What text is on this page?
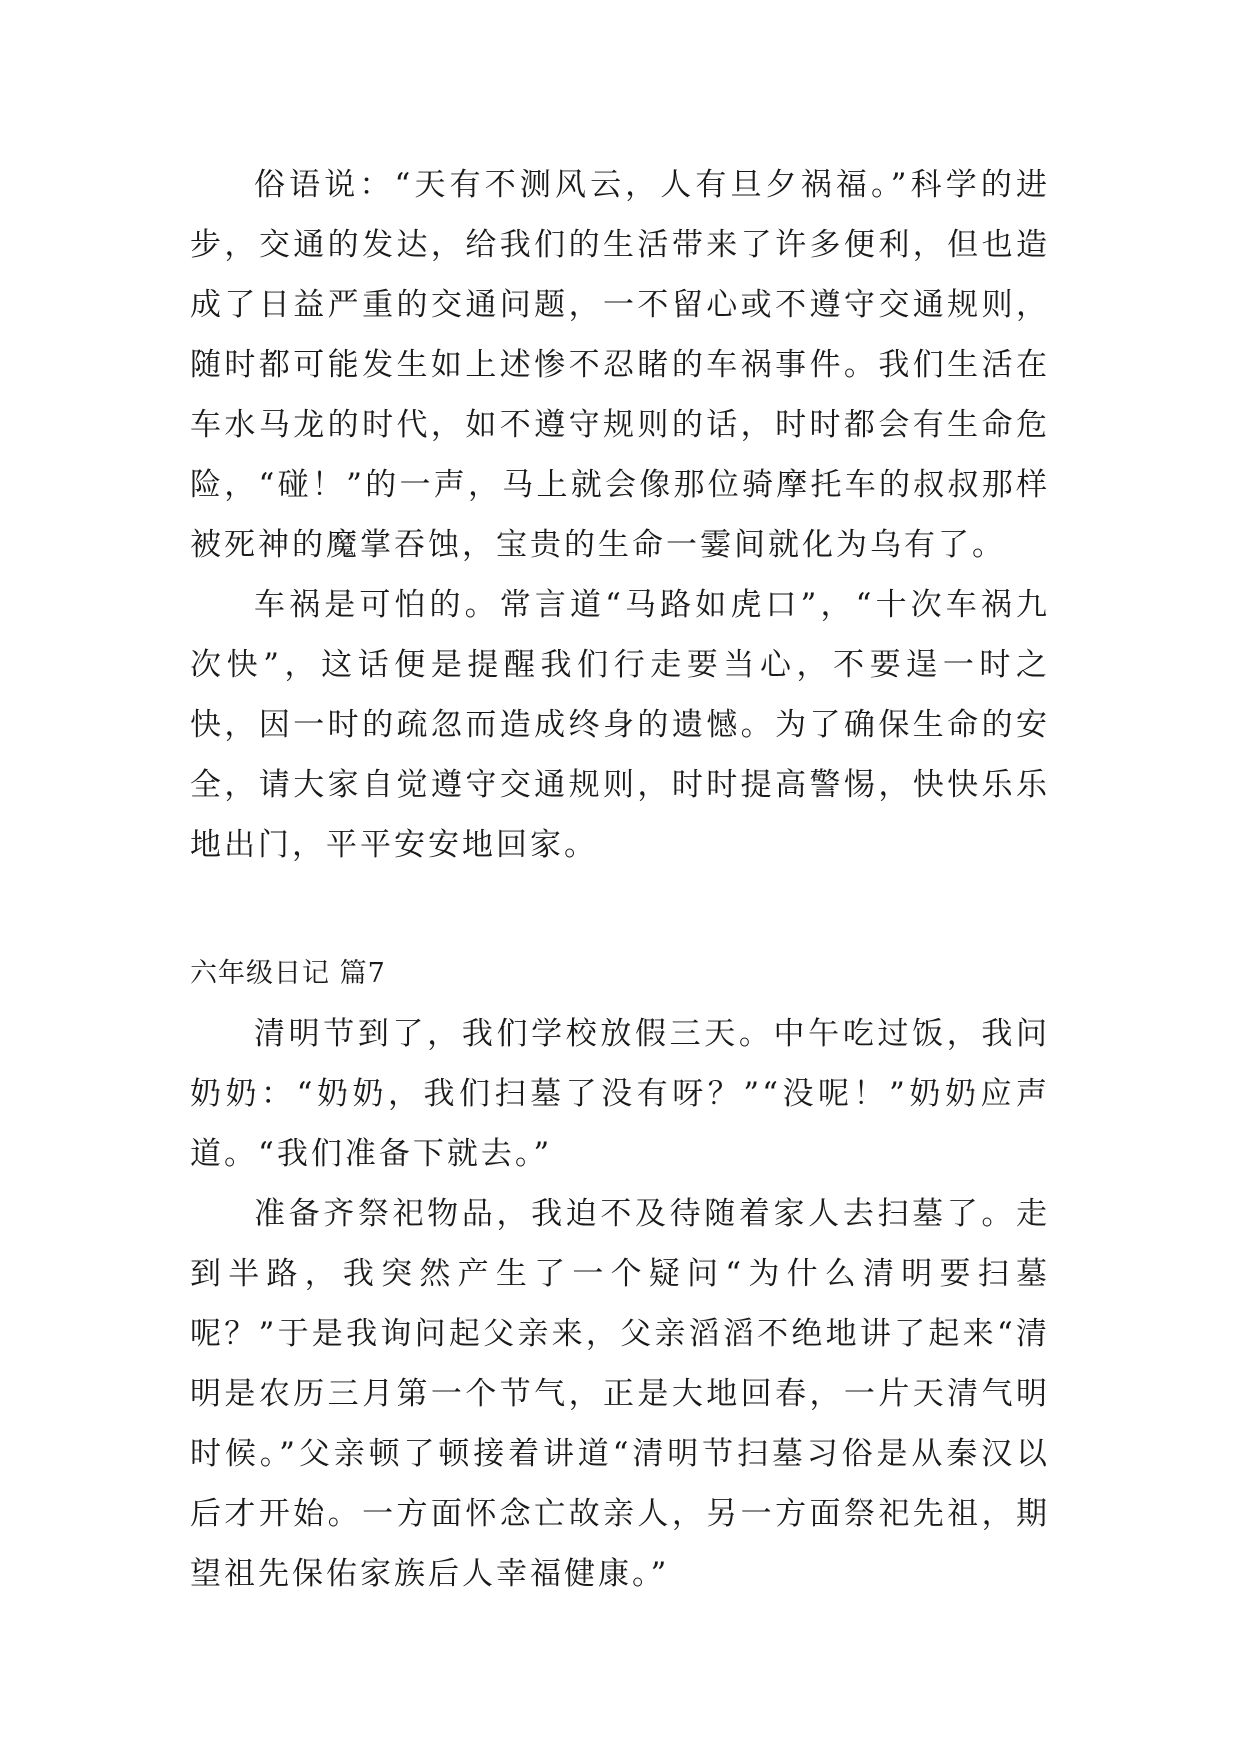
俗语说：“天有不测风云，人有旦夕祸福。”科学的进步，交通的发达，给我们的生活带来了许多便利，但也造成了日益严重的交通问题，一不留心或不遵守交通规则，随时都可能发生如上述惨不忍睹的车祸事件。我们生活在车水马龙的时代，如不遵守规则的话，时时都会有生命危险，“碰！”的一声，马上就会像那位骑摩托车的叔叔那样被死神的魔掌吞蚀，宝贵的生命一霎间就化为乌有了。

车祸是可怕的。常言道“马路如虎口”，“十次车祸九次快”，这话便是提醒我们行走要当心，不要逞一时之快，因一时的疏忽而造成终身的遗憾。为了确保生命的安全，请大家自觉遵守交通规则，时时提高警惕，快快乐乐地出门，平平安安地回家。

六年级日记 篇7

清明节到了，我们学校放假三天。中午吃过饭，我问奶奶：“奶奶，我们扫墓了没有呀？”“没呢！”奶奶应声道。“我们准备下就去。”

准备齐祭祀物品，我迫不及待随着家人去扫墓了。走到半路，我突然产生了一个疑问“为什么清明要扫墓呢？”于是我询问起父亲来，父亲滔滔不绝地讲了起来“清明是农历三月第一个节气，正是大地回春，一片天清气明时候。”父亲顿了顿接着讲道“清明节扫墓习俗是从秦汉以后才开始。一方面怀念亡故亲人，另一方面祭祀先祖，期望祖先保佑家族后人幸福健康。”
